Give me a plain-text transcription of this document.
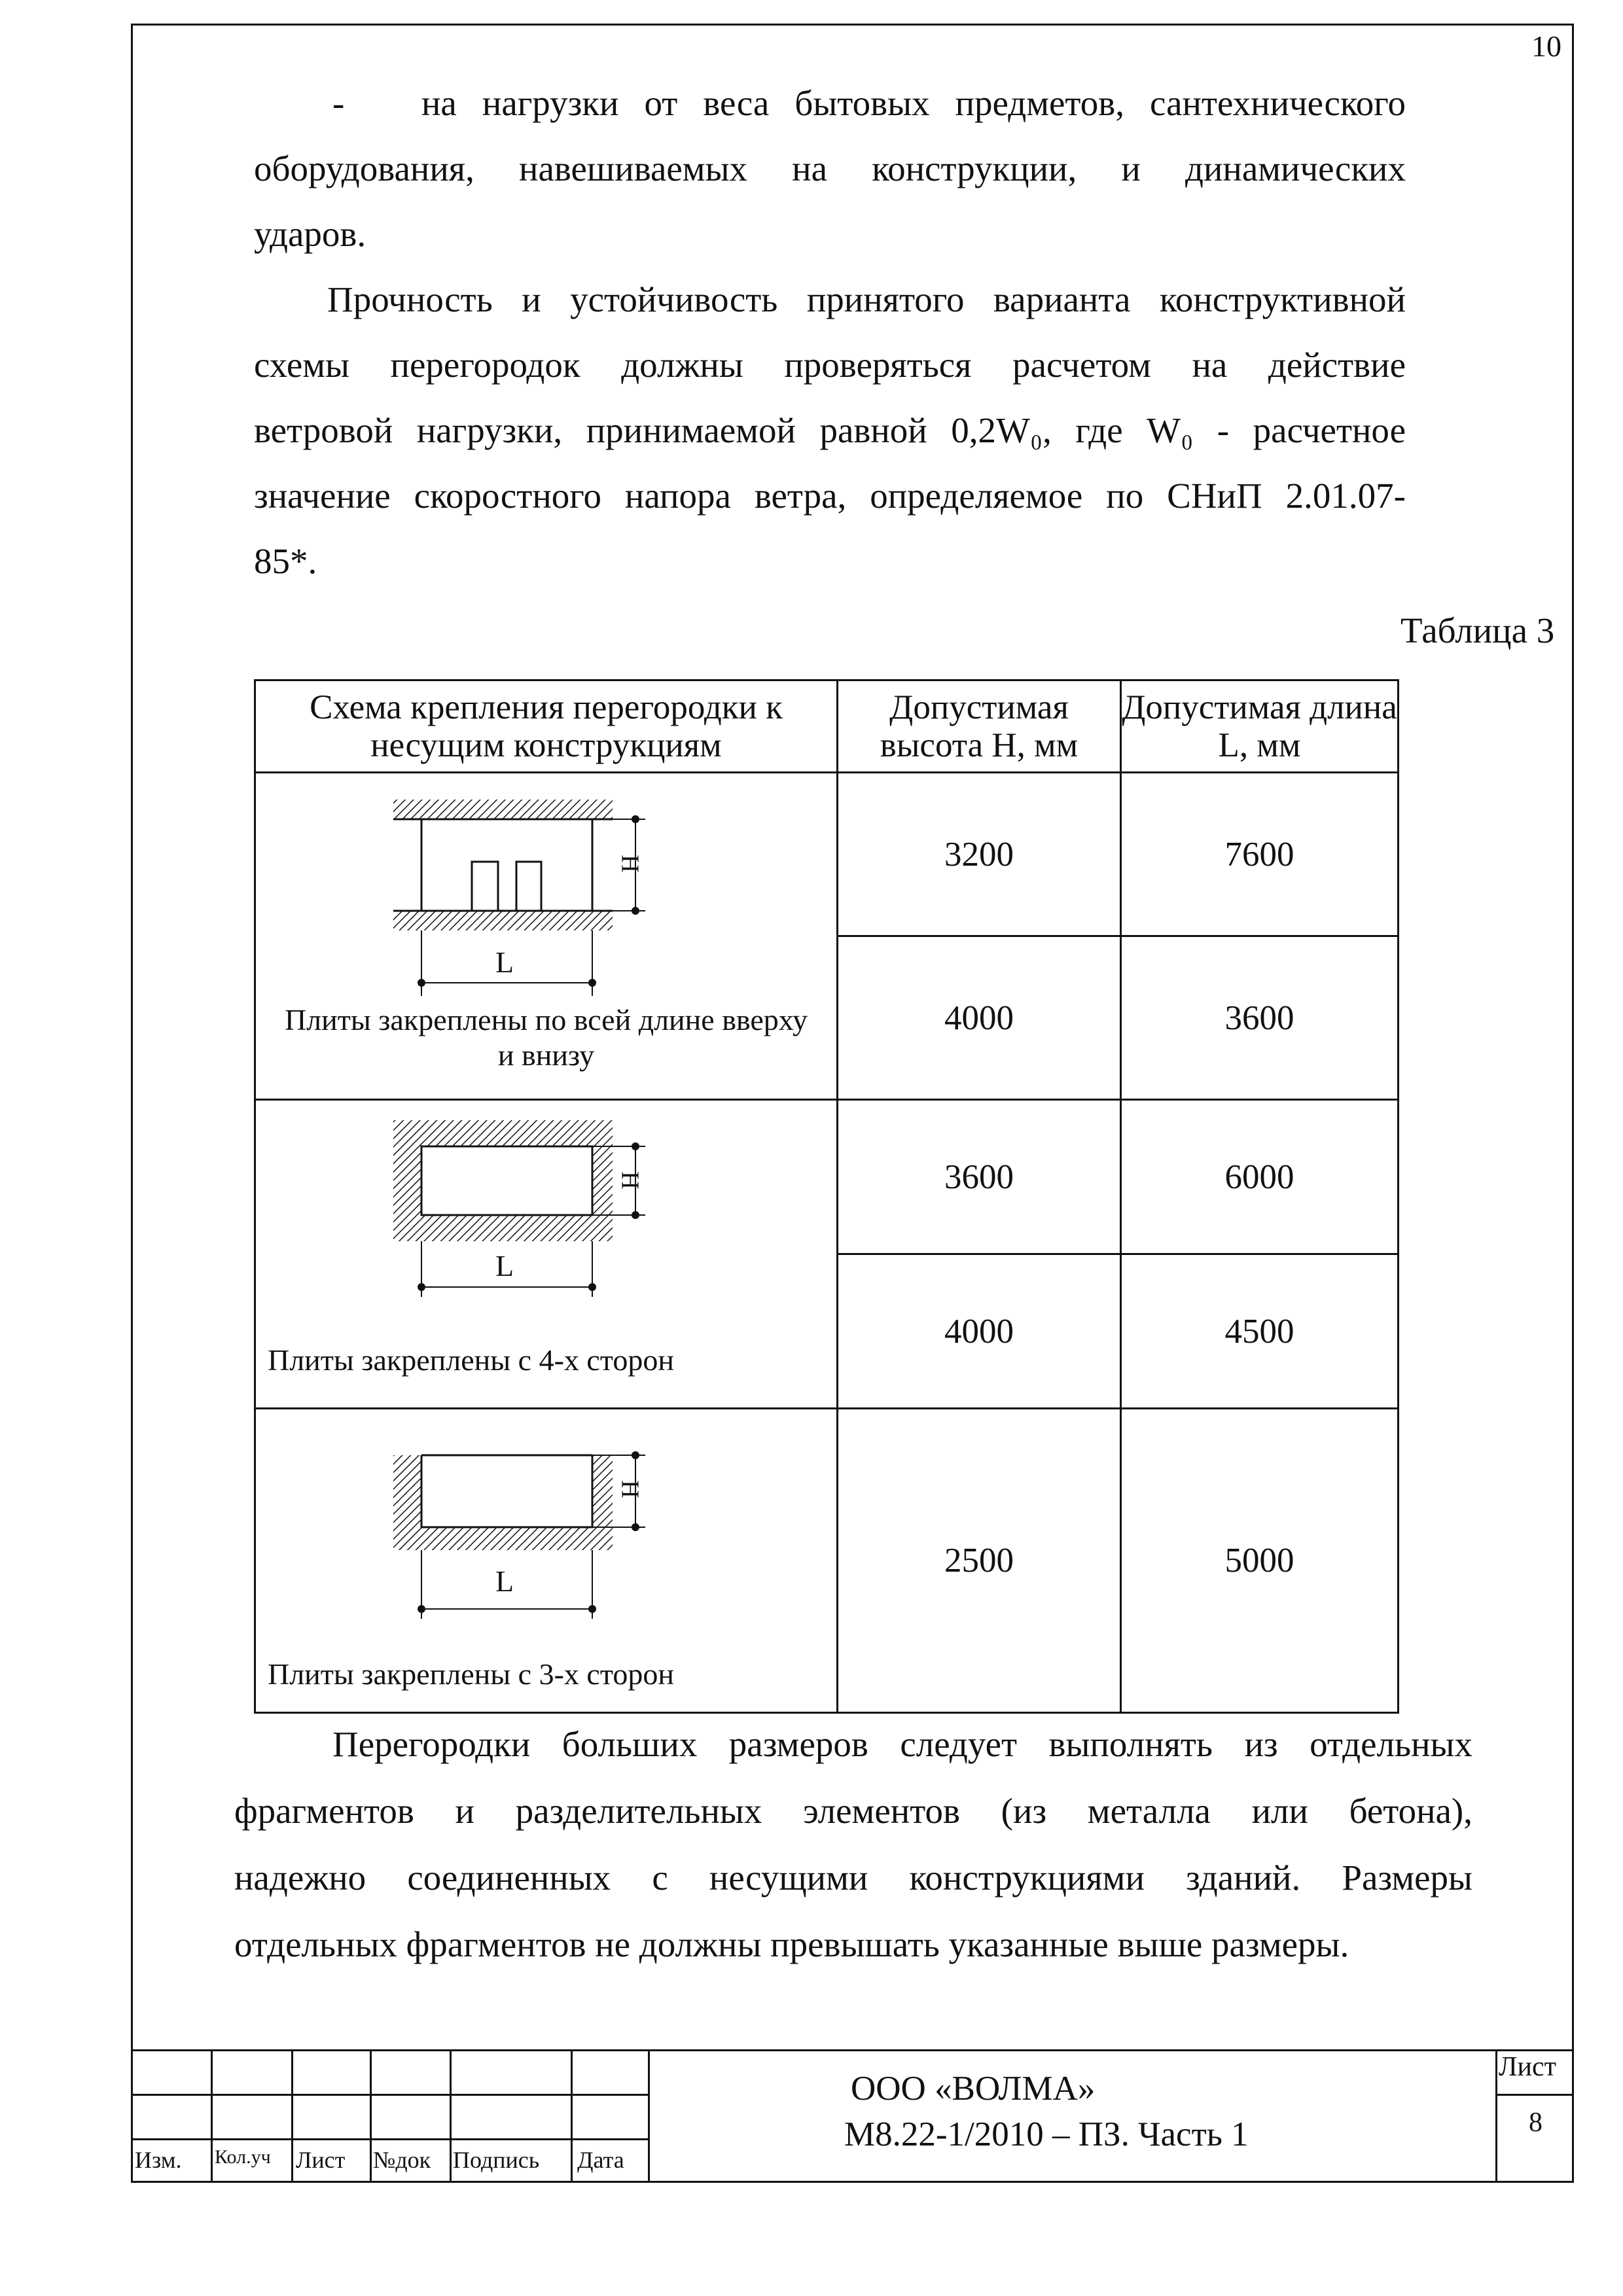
10
- на нагрузки от веса бытовых предметов, сантехнического
оборудования, навешиваемых на конструкции, и динамических
ударов.
Прочность и устойчивость принятого варианта конструктивной
схемы перегородок должны проверяться расчетом на действие
ветровой нагрузки, принимаемой равной 0,2W₀, где W₀ - расчетное
значение скоростного напора ветра, определяемое по СНиП 2.01.07-
85*.
Таблица 3
Схема крепления перегородки к несущим конструкциям	Допустимая высота Н, мм	Допустимая длина L, мм

Н
L
Плиты закреплены по всей длине вверху и внизу	3200	7600
	4000	3600

Н
L
Плиты закреплены с 4-х сторон	3600	6000
	4000	4500

Н
L
Плиты закреплены с 3-х сторон	2500	5000
Перегородки больших размеров следует выполнять из отдельных
фрагментов и разделительных элементов (из металла или бетона),
надежно соединенных с несущими конструкциями зданий. Размеры
отдельных фрагментов не должны превышать указанные выше размеры.
Изм. Кол.уч Лист №док Подпись Дата
ООО «ВОЛМА»
М8.22-1/2010 – ПЗ. Часть 1
Лист
8
